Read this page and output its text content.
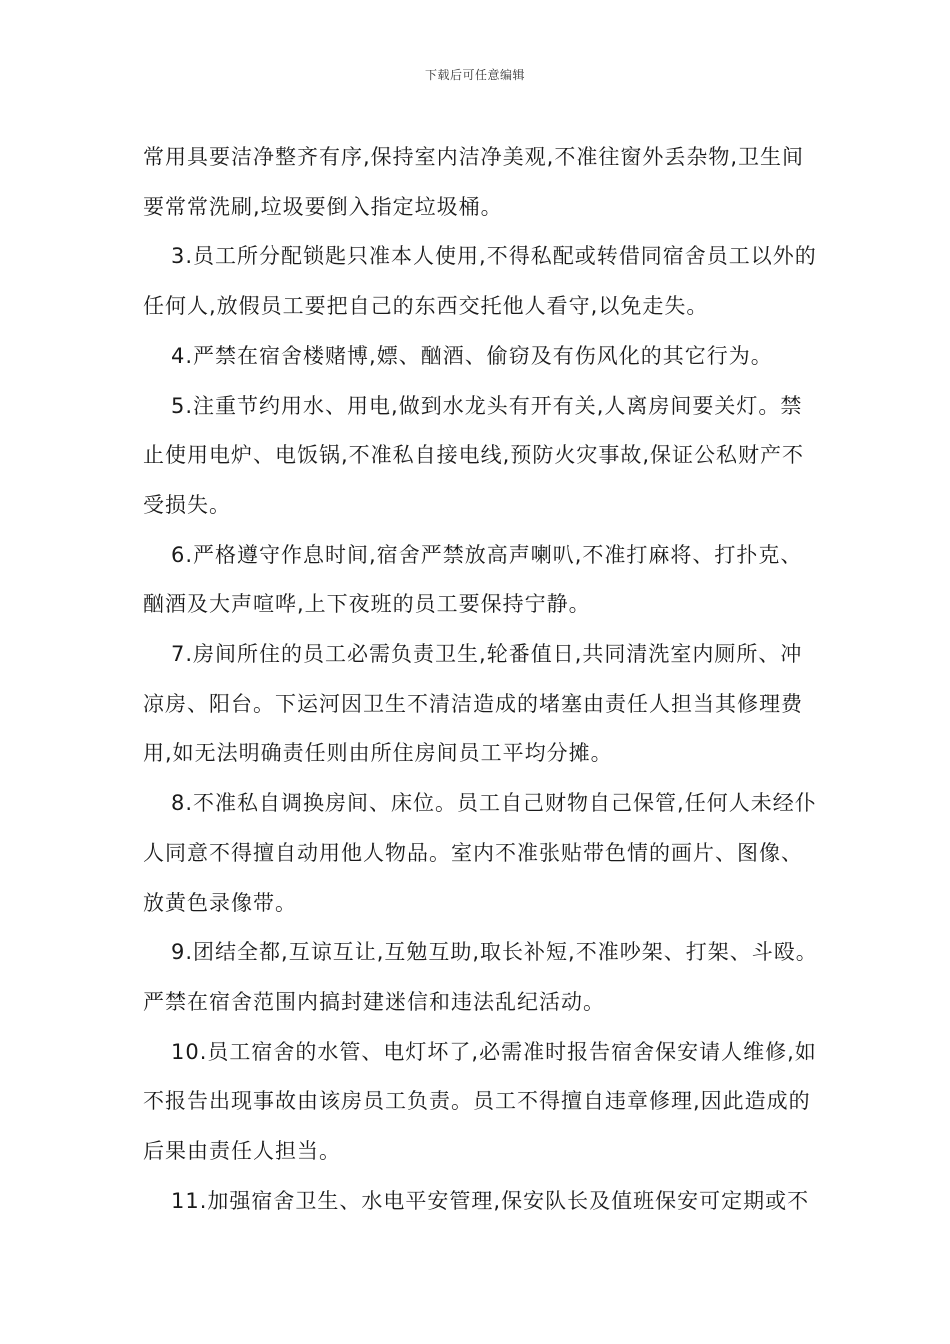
下载后可任意编辑

常用具要洁净整齐有序,保持室内洁净美观,不准往窗外丢杂物,卫生间要常常洗刷,垃圾要倒入指定垃圾桶。

3.员工所分配锁匙只准本人使用,不得私配或转借同宿舍员工以外的任何人,放假员工要把自己的东西交托他人看守,以免走失。

4.严禁在宿舍楼赌博,嫖、酗酒、偷窃及有伤风化的其它行为。

5.注重节约用水、用电,做到水龙头有开有关,人离房间要关灯。禁止使用电炉、电饭锅,不准私自接电线,预防火灾事故,保证公私财产不受损失。

6.严格遵守作息时间,宿舍严禁放高声喇叭,不准打麻将、打扑克、酗酒及大声喧哗,上下夜班的员工要保持宁静。

7.房间所住的员工必需负责卫生,轮番值日,共同清洗室内厕所、冲凉房、阳台。下运河因卫生不清洁造成的堵塞由责任人担当其修理费用,如无法明确责任则由所住房间员工平均分摊。

8.不准私自调换房间、床位。员工自己财物自己保管,任何人未经仆人同意不得擅自动用他人物品。室内不准张贴带色情的画片、图像、放黄色录像带。

9.团结全都,互谅互让,互勉互助,取长补短,不准吵架、打架、斗殴。严禁在宿舍范围内搞封建迷信和违法乱纪活动。

10.员工宿舍的水管、电灯坏了,必需准时报告宿舍保安请人维修,如不报告出现事故由该房员工负责。员工不得擅自违章修理,因此造成的后果由责任人担当。

11.加强宿舍卫生、水电平安管理,保安队长及值班保安可定期或不
